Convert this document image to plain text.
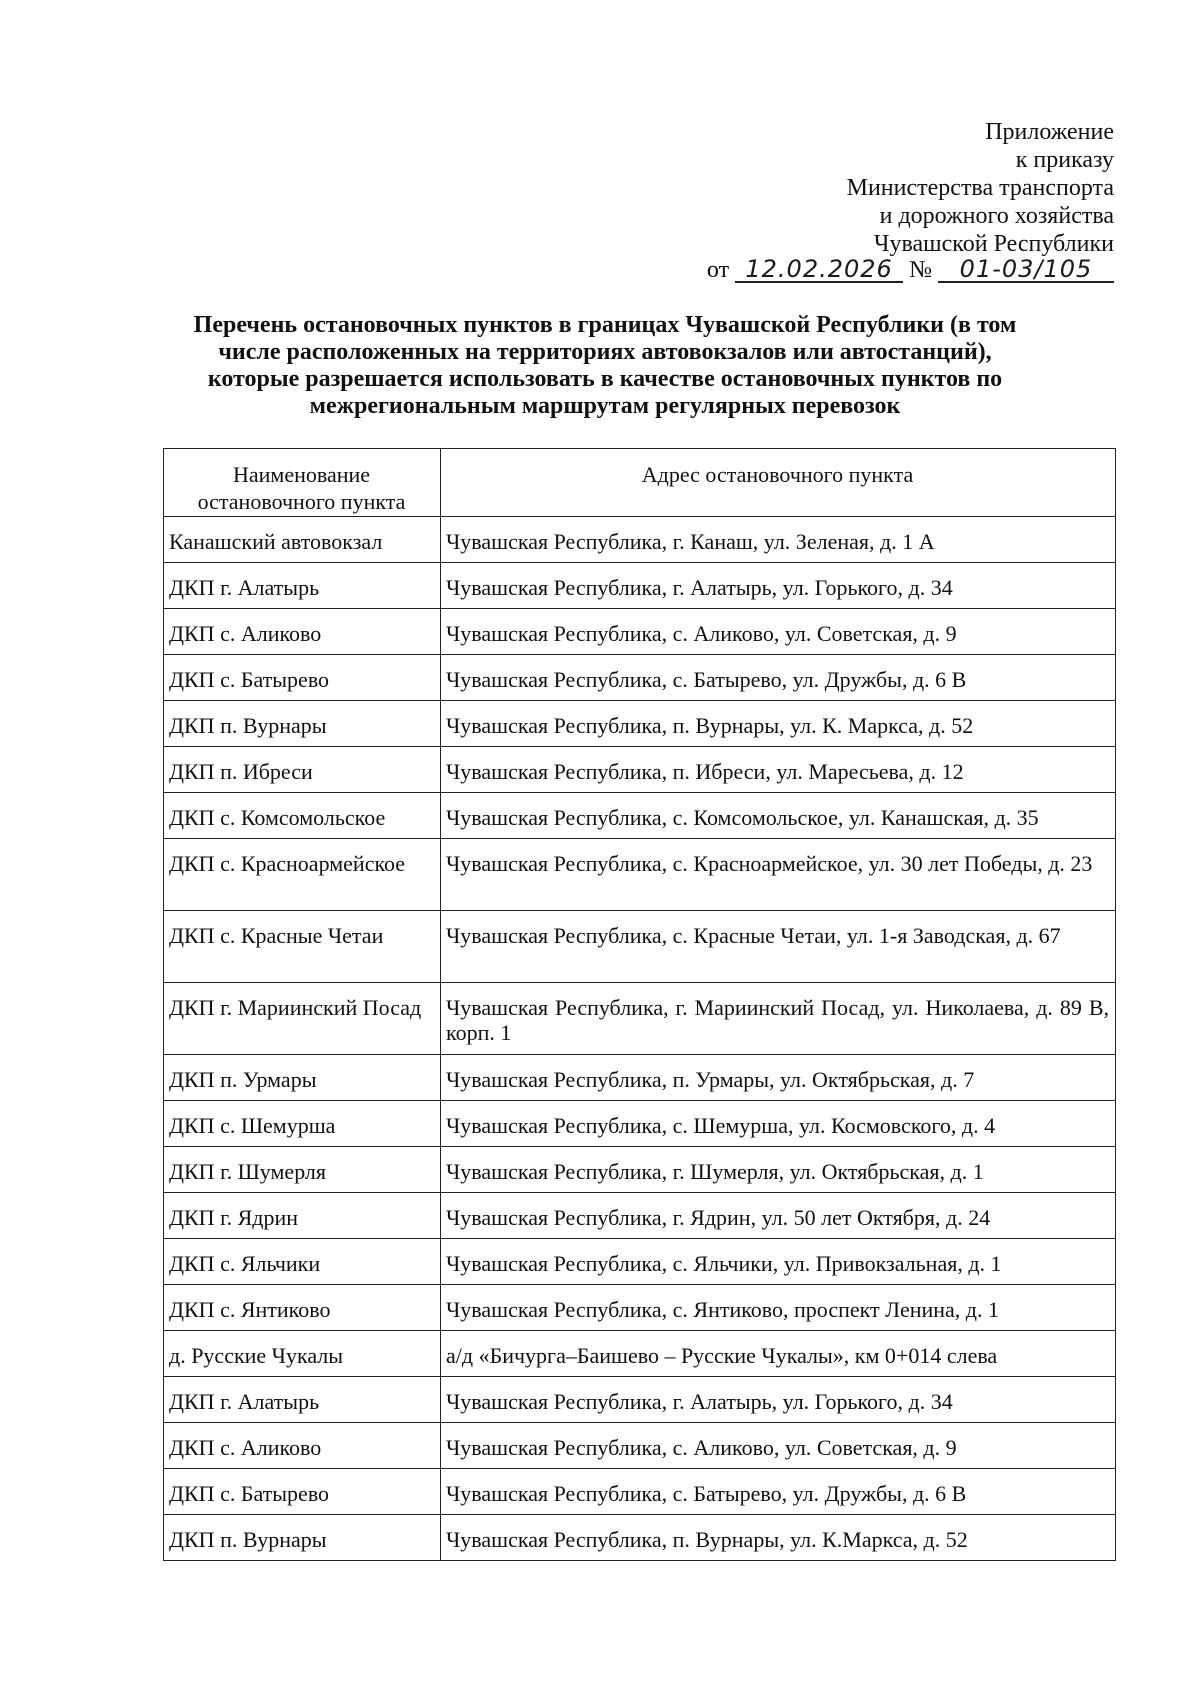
Приложение
к приказу
Министерства транспорта
и дорожного хозяйства
Чувашской Республики
от 12.02.2026 № 01-03/105
Перечень остановочных пунктов в границах Чувашской Республики (в том
числе расположенных на территориях автовокзалов или автостанций),
которые разрешается использовать в качестве остановочных пунктов по
межрегиональным маршрутам регулярных перевозок
Наименование остановочного пункта	Адрес остановочного пункта
Канашский автовокзал	Чувашская Республика, г. Канаш, ул. Зеленая, д. 1 А
ДКП г. Алатырь	Чувашская Республика, г. Алатырь, ул. Горького, д. 34
ДКП с. Аликово	Чувашская Республика, с. Аликово, ул. Советская, д. 9
ДКП с. Батырево	Чувашская Республика, с. Батырево, ул. Дружбы, д. 6 В
ДКП п. Вурнары	Чувашская Республика, п. Вурнары, ул. К. Маркса, д. 52
ДКП п. Ибреси	Чувашская Республика, п. Ибреси, ул. Маресьева, д. 12
ДКП с. Комсомольское	Чувашская Республика, с. Комсомольское, ул. Канашская, д. 35
ДКП с. Красноармейское	Чувашская Республика, с. Красноармейское, ул. 30 лет Победы, д. 23
ДКП с. Красные Четаи	Чувашская Республика, с. Красные Четаи, ул. 1-я Заводская, д. 67
ДКП г. Мариинский Посад	Чувашская Республика, г. Мариинский Посад, ул. Николаева, д. 89 В, корп. 1
ДКП п. Урмары	Чувашская Республика, п. Урмары, ул. Октябрьская, д. 7
ДКП с. Шемурша	Чувашская Республика, с. Шемурша, ул. Космовского, д. 4
ДКП г. Шумерля	Чувашская Республика, г. Шумерля, ул. Октябрьская, д. 1
ДКП г. Ядрин	Чувашская Республика, г. Ядрин, ул. 50 лет Октября, д. 24
ДКП с. Яльчики	Чувашская Республика, с. Яльчики, ул. Привокзальная, д. 1
ДКП с. Янтиково	Чувашская Республика, с. Янтиково, проспект Ленина, д. 1
д. Русские Чукалы	а/д «Бичурга–Баишево – Русские Чукалы», км 0+014 слева
ДКП г. Алатырь	Чувашская Республика, г. Алатырь, ул. Горького, д. 34
ДКП с. Аликово	Чувашская Республика, с. Аликово, ул. Советская, д. 9
ДКП с. Батырево	Чувашская Республика, с. Батырево, ул. Дружбы, д. 6 В
ДКП п. Вурнары	Чувашская Республика, п. Вурнары, ул. К.Маркса, д. 52
